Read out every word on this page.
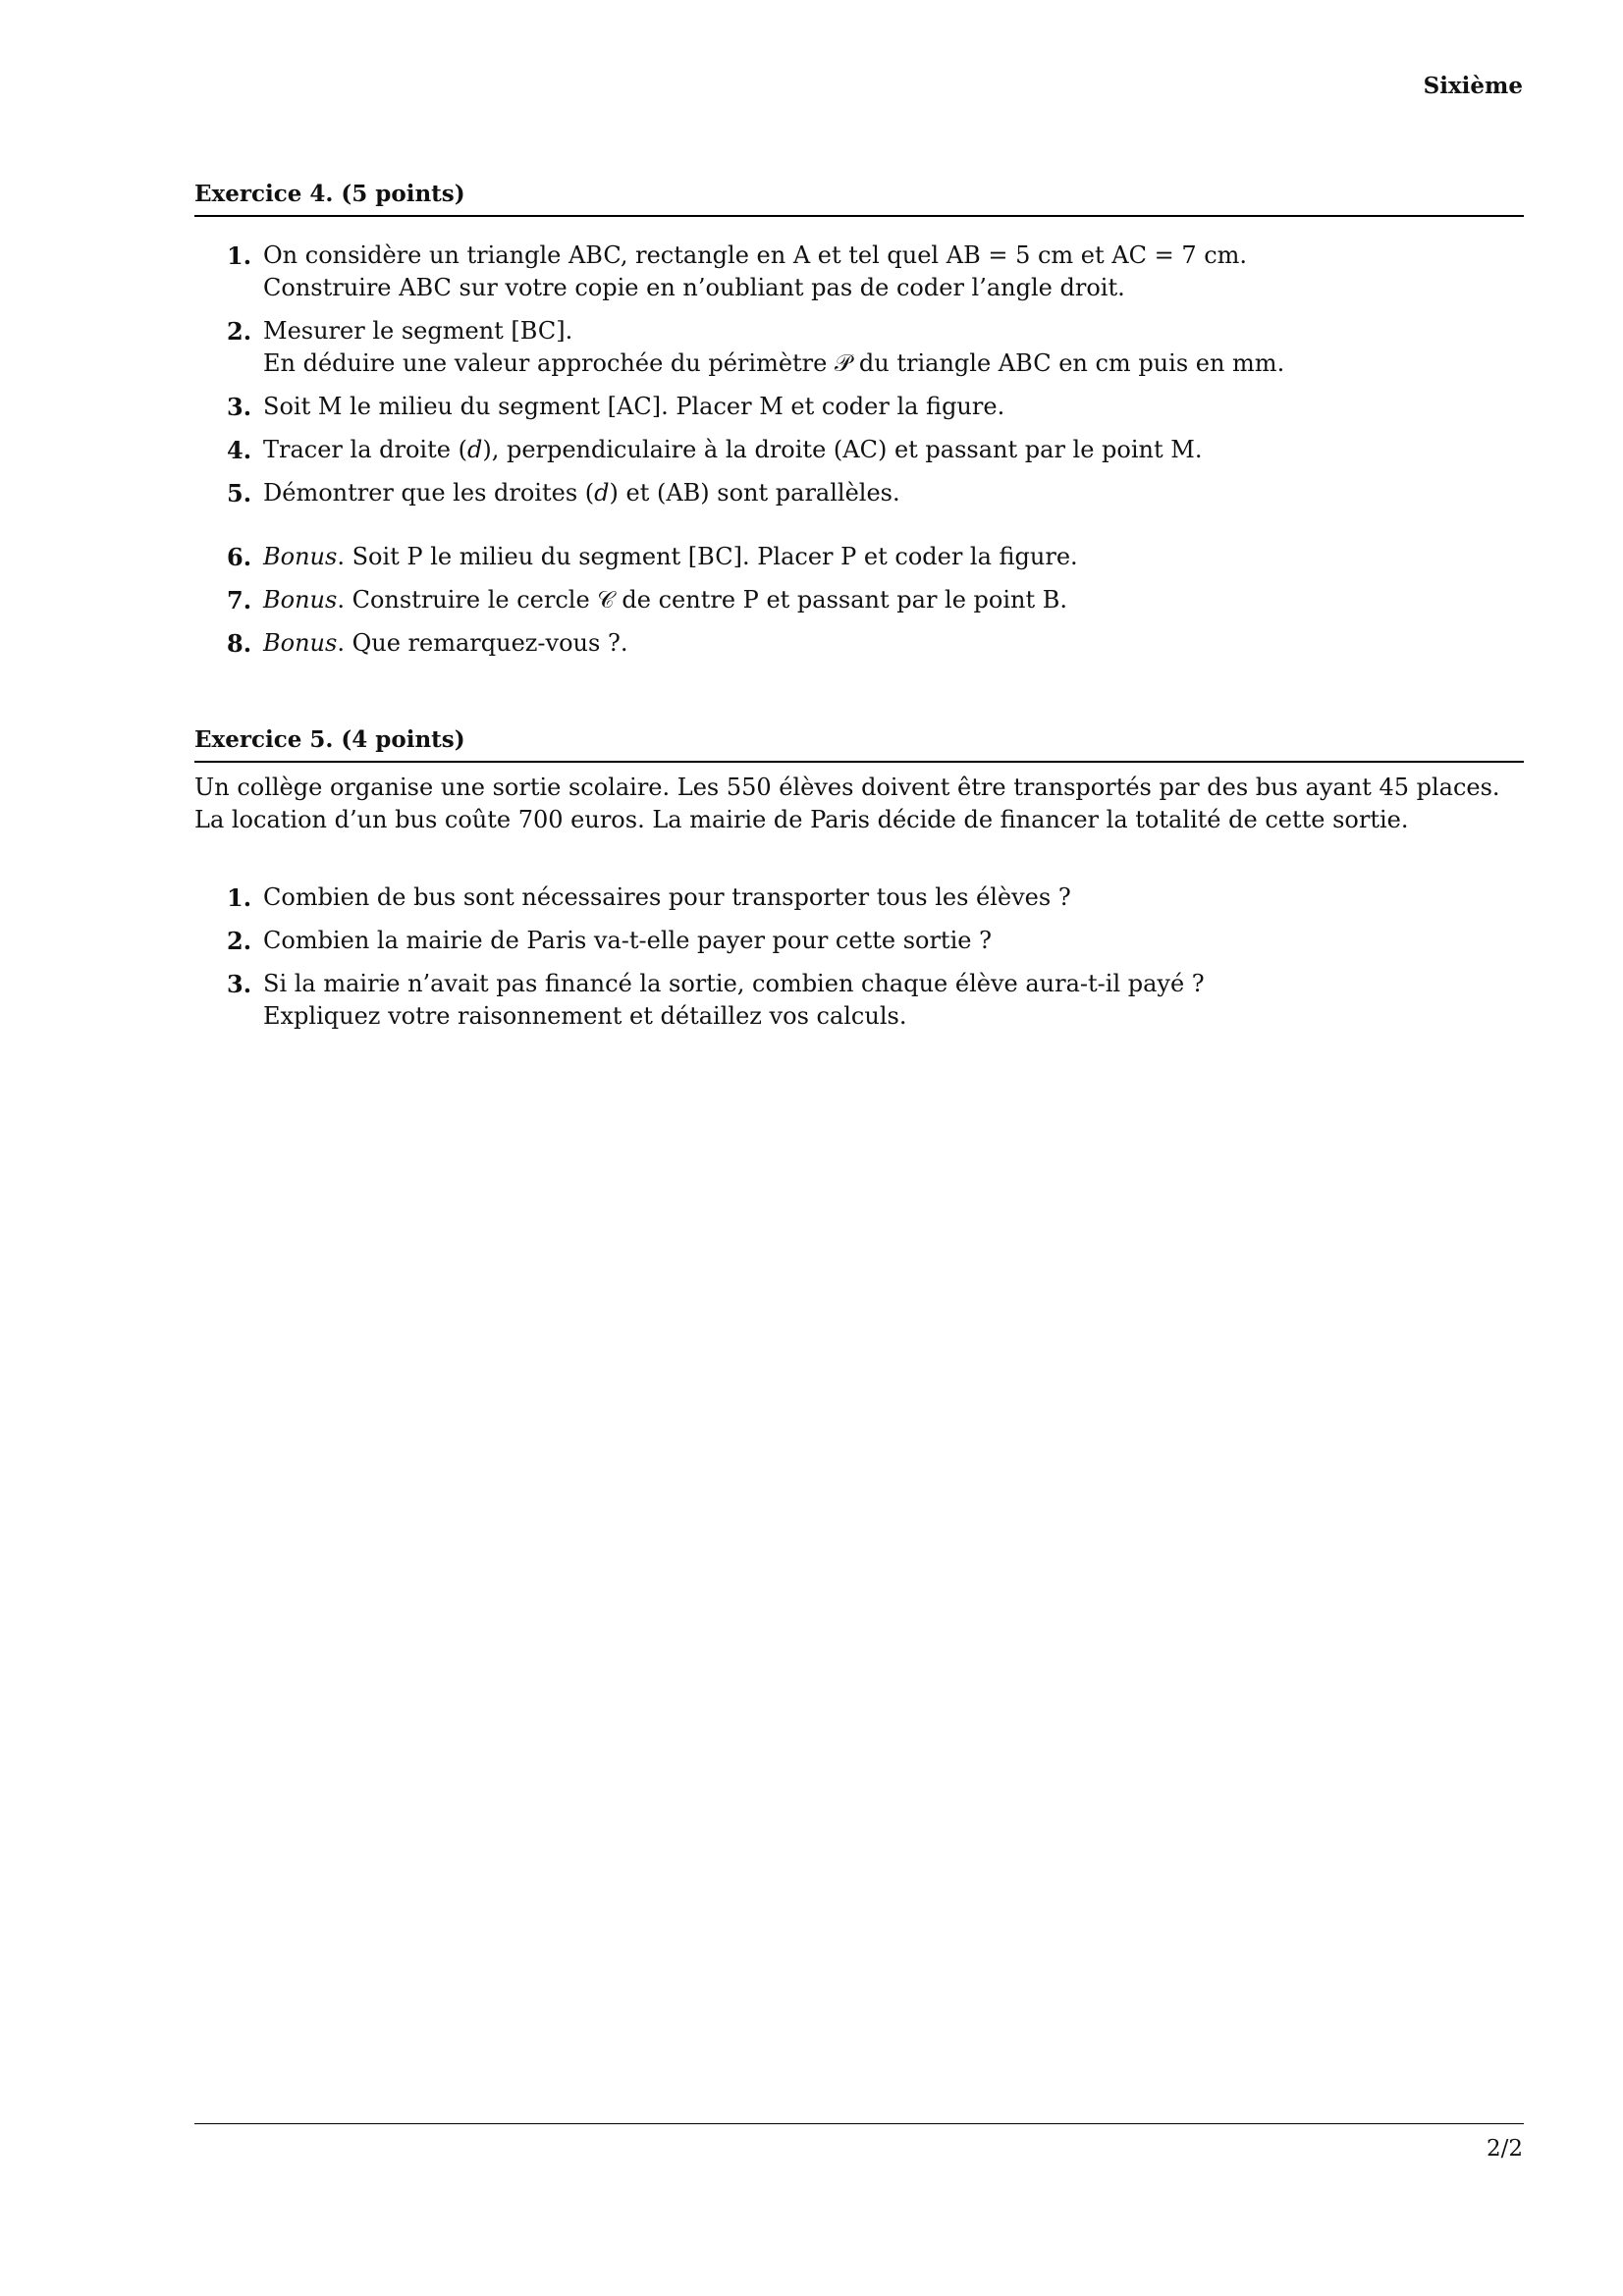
Sixième
Exercice 4. (5 points)
1. On considère un triangle ABC, rectangle en A et tel quel AB = 5 cm et AC = 7 cm.
Construire ABC sur votre copie en n’oubliant pas de coder l’angle droit.
2. Mesurer le segment [BC].
En déduire une valeur approchée du périmètre 𝒫 du triangle ABC en cm puis en mm.
3. Soit M le milieu du segment [AC]. Placer M et coder la figure.
4. Tracer la droite (d), perpendiculaire à la droite (AC) et passant par le point M.
5. Démontrer que les droites (d) et (AB) sont parallèles.
6. Bonus. Soit P le milieu du segment [BC]. Placer P et coder la figure.
7. Bonus. Construire le cercle 𝒞 de centre P et passant par le point B.
8. Bonus. Que remarquez-vous ?.
Exercice 5. (4 points)
Un collège organise une sortie scolaire. Les 550 élèves doivent être transportés par des bus ayant 45 places.
La location d’un bus coûte 700 euros. La mairie de Paris décide de financer la totalité de cette sortie.
1. Combien de bus sont nécessaires pour transporter tous les élèves ?
2. Combien la mairie de Paris va-t-elle payer pour cette sortie ?
3. Si la mairie n’avait pas financé la sortie, combien chaque élève aura-t-il payé ?
Expliquez votre raisonnement et détaillez vos calculs.
2/2
